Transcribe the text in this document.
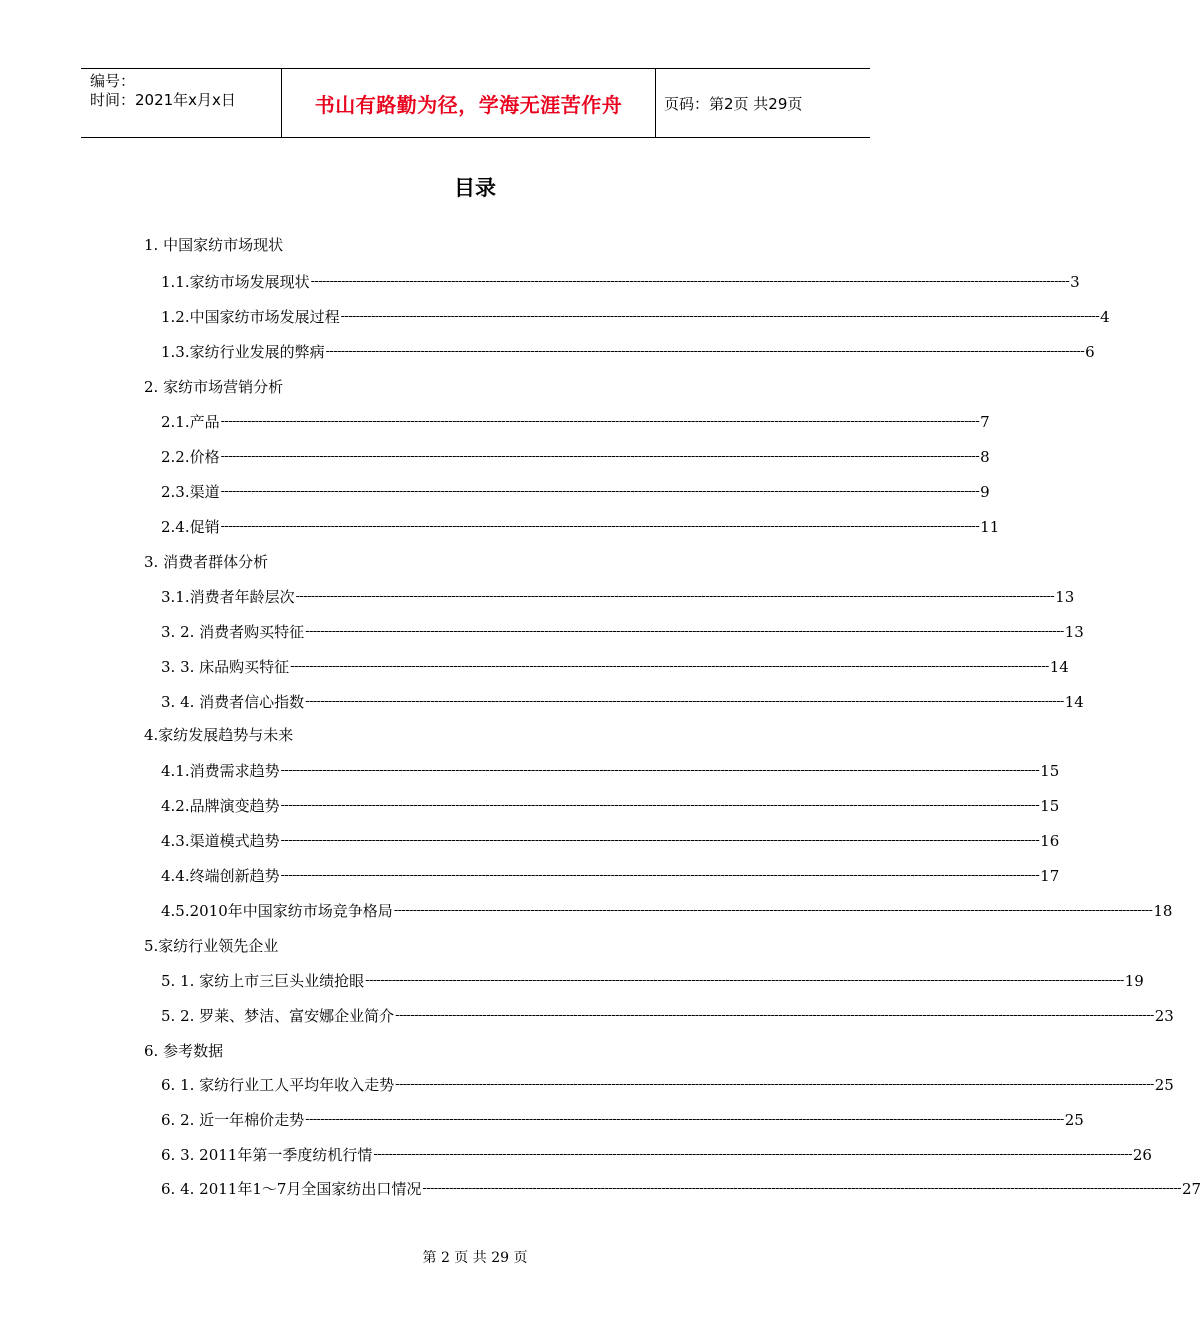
编号：
时间：2021年x月x日	书山有路勤为径，学海无涯苦作舟	页码：第2页 共29页
目录
1. 中国家纺市场现状
1.1.家纺市场发展现状 -------------------------------------------------------------------------------------------------------------------------------------------------------------------------------------------------------- 3
1.2.中国家纺市场发展过程 -------------------------------------------------------------------------------------------------------------------------------------------------------------------------------------------------------- 4
1.3.家纺行业发展的弊病 -------------------------------------------------------------------------------------------------------------------------------------------------------------------------------------------------------- 6
2. 家纺市场营销分析
2.1.产品 -------------------------------------------------------------------------------------------------------------------------------------------------------------------------------------------------------- 7
2.2.价格 -------------------------------------------------------------------------------------------------------------------------------------------------------------------------------------------------------- 8
2.3.渠道 -------------------------------------------------------------------------------------------------------------------------------------------------------------------------------------------------------- 9
2.4.促销 -------------------------------------------------------------------------------------------------------------------------------------------------------------------------------------------------------- 11
3. 消费者群体分析
3.1.消费者年龄层次 -------------------------------------------------------------------------------------------------------------------------------------------------------------------------------------------------------- 13
3. 2. 消费者购买特征 -------------------------------------------------------------------------------------------------------------------------------------------------------------------------------------------------------- 13
3. 3. 床品购买特征 -------------------------------------------------------------------------------------------------------------------------------------------------------------------------------------------------------- 14
3. 4. 消费者信心指数 -------------------------------------------------------------------------------------------------------------------------------------------------------------------------------------------------------- 14
4.家纺发展趋势与未来
4.1.消费需求趋势 -------------------------------------------------------------------------------------------------------------------------------------------------------------------------------------------------------- 15
4.2.品牌演变趋势 -------------------------------------------------------------------------------------------------------------------------------------------------------------------------------------------------------- 15
4.3.渠道模式趋势 -------------------------------------------------------------------------------------------------------------------------------------------------------------------------------------------------------- 16
4.4.终端创新趋势 -------------------------------------------------------------------------------------------------------------------------------------------------------------------------------------------------------- 17
4.5.2010年中国家纺市场竞争格局 -------------------------------------------------------------------------------------------------------------------------------------------------------------------------------------------------------- 18
5.家纺行业领先企业
5. 1. 家纺上市三巨头业绩抢眼 -------------------------------------------------------------------------------------------------------------------------------------------------------------------------------------------------------- 19
5. 2. 罗莱、梦洁、富安娜企业简介 -------------------------------------------------------------------------------------------------------------------------------------------------------------------------------------------------------- 23
6. 参考数据
6. 1. 家纺行业工人平均年收入走势 -------------------------------------------------------------------------------------------------------------------------------------------------------------------------------------------------------- 25
6. 2. 近一年棉价走势 -------------------------------------------------------------------------------------------------------------------------------------------------------------------------------------------------------- 25
6. 3. 2011年第一季度纺机行情 -------------------------------------------------------------------------------------------------------------------------------------------------------------------------------------------------------- 26
6. 4. 2011年1～7月全国家纺出口情况 -------------------------------------------------------------------------------------------------------------------------------------------------------------------------------------------------------- 27
第 2 页 共 29 页
